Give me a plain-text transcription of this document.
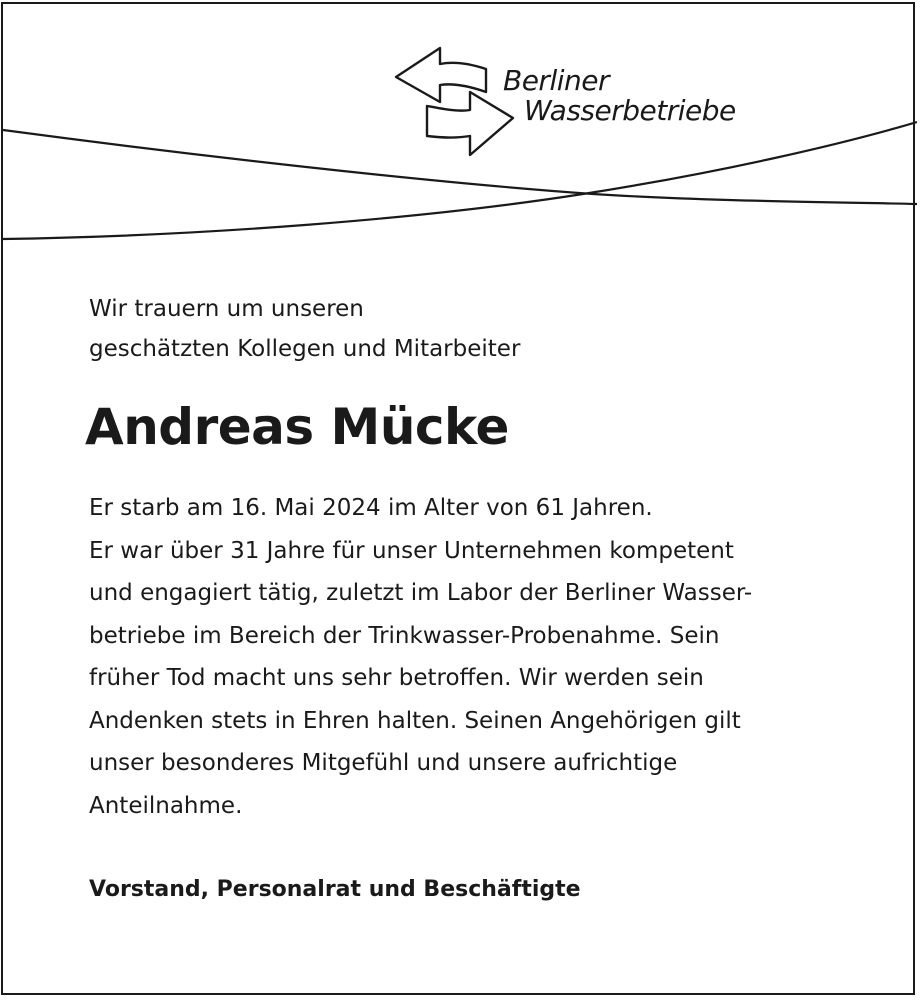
Berliner
Wasserbetriebe
Wir trauern um unseren
geschätzten Kollegen und Mitarbeiter
Andreas Mücke
Er starb am 16. Mai 2024 im Alter von 61 Jahren.
Er war über 31 Jahre für unser Unternehmen kompetent
und engagiert tätig, zuletzt im Labor der Berliner Wasser-
betriebe im Bereich der Trinkwasser-Probenahme. Sein
früher Tod macht uns sehr betroffen. Wir werden sein
Andenken stets in Ehren halten. Seinen Angehörigen gilt
unser besonderes Mitgefühl und unsere aufrichtige
Anteilnahme.
Vorstand, Personalrat und Beschäftigte
